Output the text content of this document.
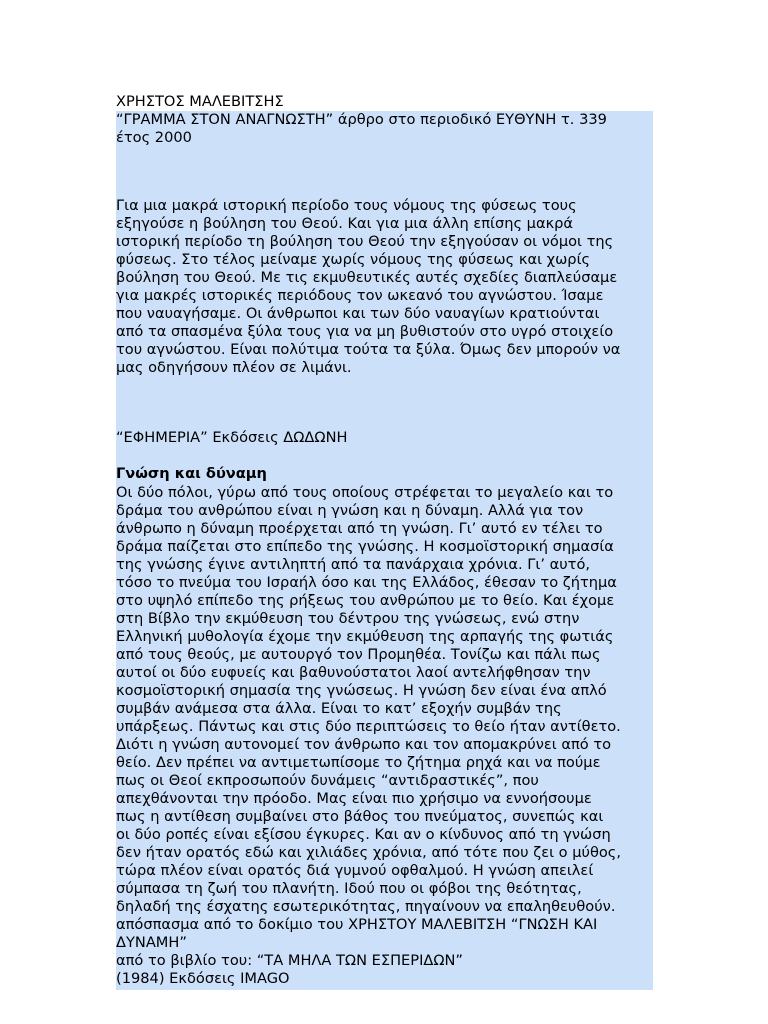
ΧΡΗΣΤΟΣ ΜΑΛΕΒΙΤΣΗΣ
“ΓΡΑΜΜΑ ΣΤΟΝ ΑΝΑΓΝΩΣΤΗ” άρθρο στο περιοδικό ΕΥΘΥΝΗ τ. 339
έτος 2000
Για μια μακρά ιστορική περίοδο τους νόμους της φύσεως τους
εξηγούσε η βούληση του Θεού. Και για μια άλλη επίσης μακρά
ιστορική περίοδο τη βούληση του Θεού την εξηγούσαν οι νόμοι της
φύσεως. Στο τέλος μείναμε χωρίς νόμους της φύσεως και χωρίς
βούληση του Θεού. Με τις εκμυθευτικές αυτές σχεδίες διαπλεύσαμε
για μακρές ιστορικές περιόδους τον ωκεανό του αγνώστου. Ίσαμε
που ναυαγήσαμε. Οι άνθρωποι και των δύο ναυαγίων κρατιούνται
από τα σπασμένα ξύλα τους για να μη βυθιστούν στο υγρό στοιχείο
του αγνώστου. Είναι πολύτιμα τούτα τα ξύλα. Όμως δεν μπορούν να
μας οδηγήσουν πλέον σε λιμάνι.
“ΕΦΗΜΕΡΙΑ” Εκδόσεις ΔΩΔΩΝΗ
Γνώση και δύναμη
Οι δύο πόλοι, γύρω από τους οποίους στρέφεται το μεγαλείο και το
δράμα του ανθρώπου είναι η γνώση και η δύναμη. Αλλά για τον
άνθρωπο η δύναμη προέρχεται από τη γνώση. Γι’ αυτό εν τέλει το
δράμα παίζεται στο επίπεδο της γνώσης. Η κοσμοϊστορική σημασία
της γνώσης έγινε αντιληπτή από τα πανάρχαια χρόνια. Γι’ αυτό,
τόσο το πνεύμα του Ισραήλ όσο και της Ελλάδος, έθεσαν το ζήτημα
στο υψηλό επίπεδο της ρήξεως του ανθρώπου με το θείο. Και έχομε
στη Βίβλο την εκμύθευση του δέντρου της γνώσεως, ενώ στην
Ελληνική μυθολογία έχομε την εκμύθευση της αρπαγής της φωτιάς
από τους θεούς, με αυτουργό τον Προμηθέα. Τονίζω και πάλι πως
αυτοί οι δύο ευφυείς και βαθυνούστατοι λαοί αντελήφθησαν την
κοσμοϊστορική σημασία της γνώσεως. Η γνώση δεν είναι ένα απλό
συμβάν ανάμεσα στα άλλα. Είναι το κατ’ εξοχήν συμβάν της
υπάρξεως. Πάντως και στις δύο περιπτώσεις το θείο ήταν αντίθετο.
Διότι η γνώση αυτονομεί τον άνθρωπο και τον απομακρύνει από το
θείο. Δεν πρέπει να αντιμετωπίσομε το ζήτημα ρηχά και να πούμε
πως οι Θεοί εκπροσωπούν δυνάμεις “αντιδραστικές”, που
απεχθάνονται την πρόοδο. Μας είναι πιο χρήσιμο να εννοήσουμε
πως η αντίθεση συμβαίνει στο βάθος του πνεύματος, συνεπώς και
οι δύο ροπές είναι εξίσου έγκυρες. Και αν ο κίνδυνος από τη γνώση
δεν ήταν ορατός εδώ και χιλιάδες χρόνια, από τότε που ζει ο μύθος,
τώρα πλέον είναι ορατός διά γυμνού οφθαλμού. Η γνώση απειλεί
σύμπασα τη ζωή του πλανήτη. Ιδού που οι φόβοι της θεότητας,
δηλαδή της έσχατης εσωτερικότητας, πηγαίνουν να επαληθευθούν.
απόσπασμα από το δοκίμιο του ΧΡΗΣΤΟΥ ΜΑΛΕΒΙΤΣΗ “ΓΝΩΣΗ ΚΑΙ
ΔΥΝΑΜΗ”
από το βιβλίο του: “ΤΑ ΜΗΛΑ ΤΩΝ ΕΣΠΕΡΙΔΩΝ”
(1984) Εκδόσεις IMAGO
